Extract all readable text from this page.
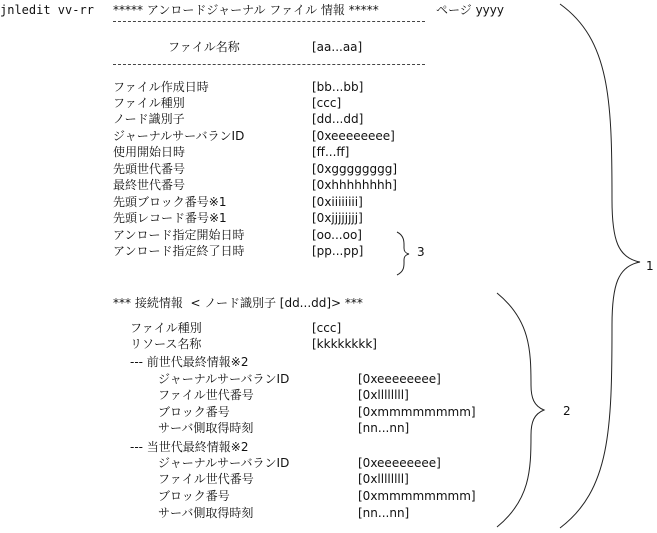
jnledit vv-rr ***** アンロードジャーナル ファイル 情報 *****	ページ yyyy
ファイル名称	[aa...aa]
ファイル作成日時	[bb...bb]
ファイル種別	[ccc]
ノード識別子	[dd...dd]
ジャーナルサーバランID	[0xeeeeeeee]
使用開始日時	[ff...ff]
先頭世代番号	[0xgggggggg]
最終世代番号	[0xhhhhhhhh]
先頭ブロック番号※1	[0xiiiiiiii]
先頭レコード番号※1	[0xjjjjjjjj]
アンロード指定開始日時	[oo...oo]
アンロード指定終了日時	[pp...pp]
*** 接続情報  < ノード識別子 [dd...dd]> ***
ファイル種別	[ccc]
リソース名称	[kkkkkkkk]
--- 前世代最終情報※2
ジャーナルサーバランID	[0xeeeeeeee]
ファイル世代番号	[0xllllllll]
ブロック番号	[0xmmmmmmmm]
サーバ側取得時刻	[nn...nn]
--- 当世代最終情報※2
ジャーナルサーバランID	[0xeeeeeeee]
ファイル世代番号	[0xllllllll]
ブロック番号	[0xmmmmmmmm]
サーバ側取得時刻	[nn...nn]
1
2
3
